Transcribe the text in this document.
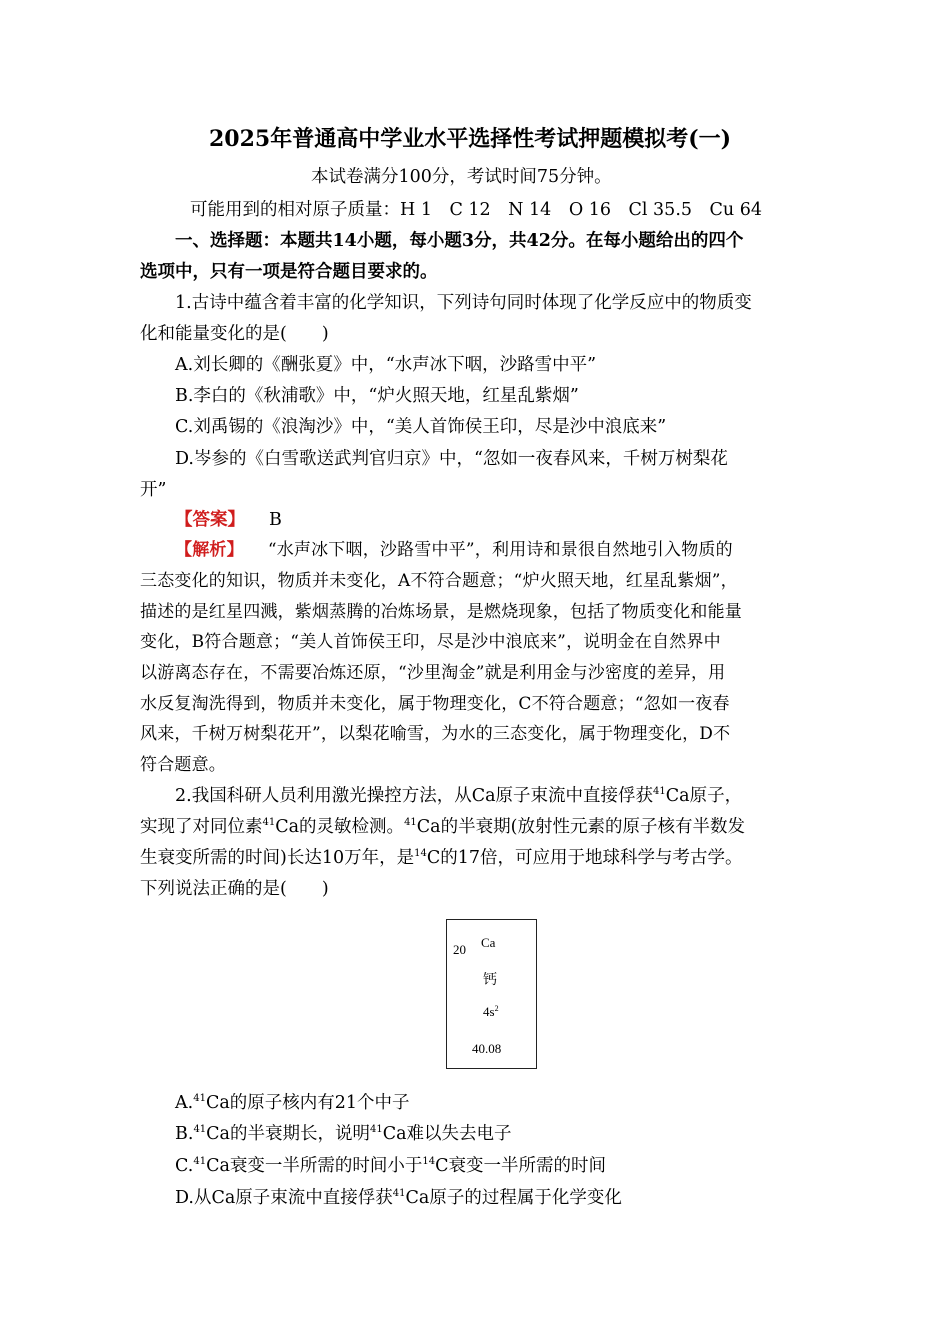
2025年普通高中学业水平选择性考试押题模拟考(一)
本试卷满分100分，考试时间75分钟。
可能用到的相对原子质量：H 1　C 12　N 14　O 16　Cl 35.5　Cu 64
一、选择题：本题共14小题，每小题3分，共42分。在每小题给出的四个
选项中，只有一项是符合题目要求的。
1.古诗中蕴含着丰富的化学知识，下列诗句同时体现了化学反应中的物质变
化和能量变化的是(　　)
A.刘长卿的《酬张夏》中，“水声冰下咽，沙路雪中平”
B.李白的《秋浦歌》中，“炉火照天地，红星乱紫烟”
C.刘禹锡的《浪淘沙》中，“美人首饰侯王印，尽是沙中浪底来”
D.岑参的《白雪歌送武判官归京》中，“忽如一夜春风来，千树万树梨花
开”
【答案】 B
【解析】 “水声冰下咽，沙路雪中平”，利用诗和景很自然地引入物质的
三态变化的知识，物质并未变化，A不符合题意；“炉火照天地，红星乱紫烟”，
描述的是红星四溅，紫烟蒸腾的冶炼场景，是燃烧现象，包括了物质变化和能量
变化，B符合题意；“美人首饰侯王印，尽是沙中浪底来”，说明金在自然界中
以游离态存在，不需要冶炼还原，“沙里淘金”就是利用金与沙密度的差异，用
水反复淘洗得到，物质并未变化，属于物理变化，C不符合题意；“忽如一夜春
风来，千树万树梨花开”，以梨花喻雪，为水的三态变化，属于物理变化，D不
符合题意。
2.我国科研人员利用激光操控方法，从Ca原子束流中直接俘获$^{41}$Ca原子，
实现了对同位素$^{41}$Ca的灵敏检测。$^{41}$Ca的半衰期(放射性元素的原子核有半数发
生衰变所需的时间)长达10万年，是$^{14}$C的17倍，可应用于地球科学与考古学。
下列说法正确的是(　　)
20 Ca
钙
$4s^2$
40.08
A.$^{41}$Ca的原子核内有21个中子
B.$^{41}$Ca的半衰期长，说明$^{41}$Ca难以失去电子
C.$^{41}$Ca衰变一半所需的时间小于$^{14}$C衰变一半所需的时间
D.从Ca原子束流中直接俘获$^{41}$Ca原子的过程属于化学变化
